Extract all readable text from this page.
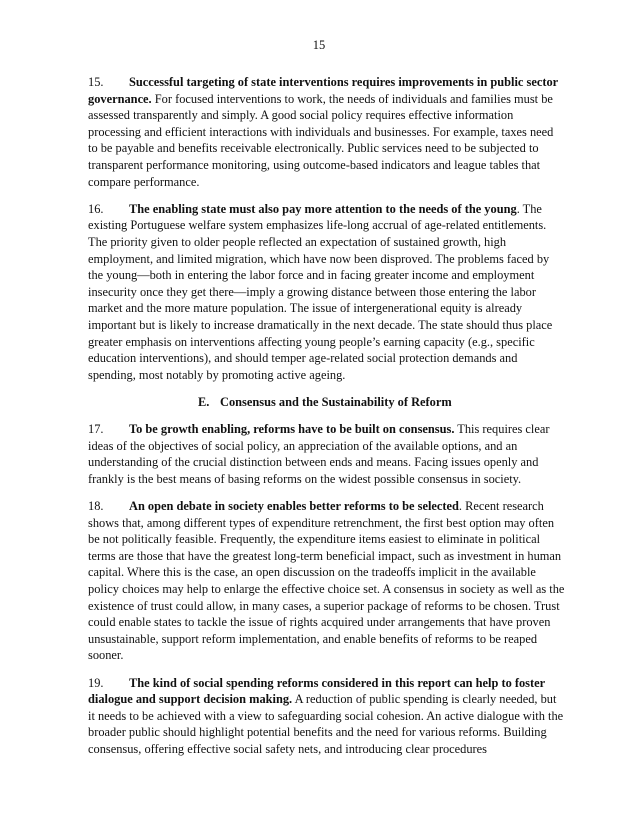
15

15. Successful targeting of state interventions requires improvements in public sector governance. For focused interventions to work, the needs of individuals and families must be assessed transparently and simply. A good social policy requires effective information processing and efficient interactions with individuals and businesses. For example, taxes need to be payable and benefits receivable electronically. Public services need to be subjected to transparent performance monitoring, using outcome-based indicators and league tables that compare performance.

16. The enabling state must also pay more attention to the needs of the young. The existing Portuguese welfare system emphasizes life-long accrual of age-related entitlements. The priority given to older people reflected an expectation of sustained growth, high employment, and limited migration, which have now been disproved. The problems faced by the young—both in entering the labor force and in facing greater income and employment insecurity once they get there—imply a growing distance between those entering the labor market and the more mature population. The issue of intergenerational equity is already important but is likely to increase dramatically in the next decade. The state should thus place greater emphasis on interventions affecting young people’s earning capacity (e.g., specific education interventions), and should temper age-related social protection demands and spending, most notably by promoting active ageing.

E. Consensus and the Sustainability of Reform

17. To be growth enabling, reforms have to be built on consensus. This requires clear ideas of the objectives of social policy, an appreciation of the available options, and an understanding of the crucial distinction between ends and means. Facing issues openly and frankly is the best means of basing reforms on the widest possible consensus in society.

18. An open debate in society enables better reforms to be selected. Recent research shows that, among different types of expenditure retrenchment, the first best option may often be not politically feasible. Frequently, the expenditure items easiest to eliminate in political terms are those that have the greatest long-term beneficial impact, such as investment in human capital. Where this is the case, an open discussion on the tradeoffs implicit in the available policy choices may help to enlarge the effective choice set. A consensus in society as well as the existence of trust could allow, in many cases, a superior package of reforms to be chosen. Trust could enable states to tackle the issue of rights acquired under arrangements that have proven unsustainable, support reform implementation, and enable benefits of reforms to be reaped sooner.

19. The kind of social spending reforms considered in this report can help to foster dialogue and support decision making. A reduction of public spending is clearly needed, but it needs to be achieved with a view to safeguarding social cohesion. An active dialogue with the broader public should highlight potential benefits and the need for various reforms. Building consensus, offering effective social safety nets, and introducing clear procedures
